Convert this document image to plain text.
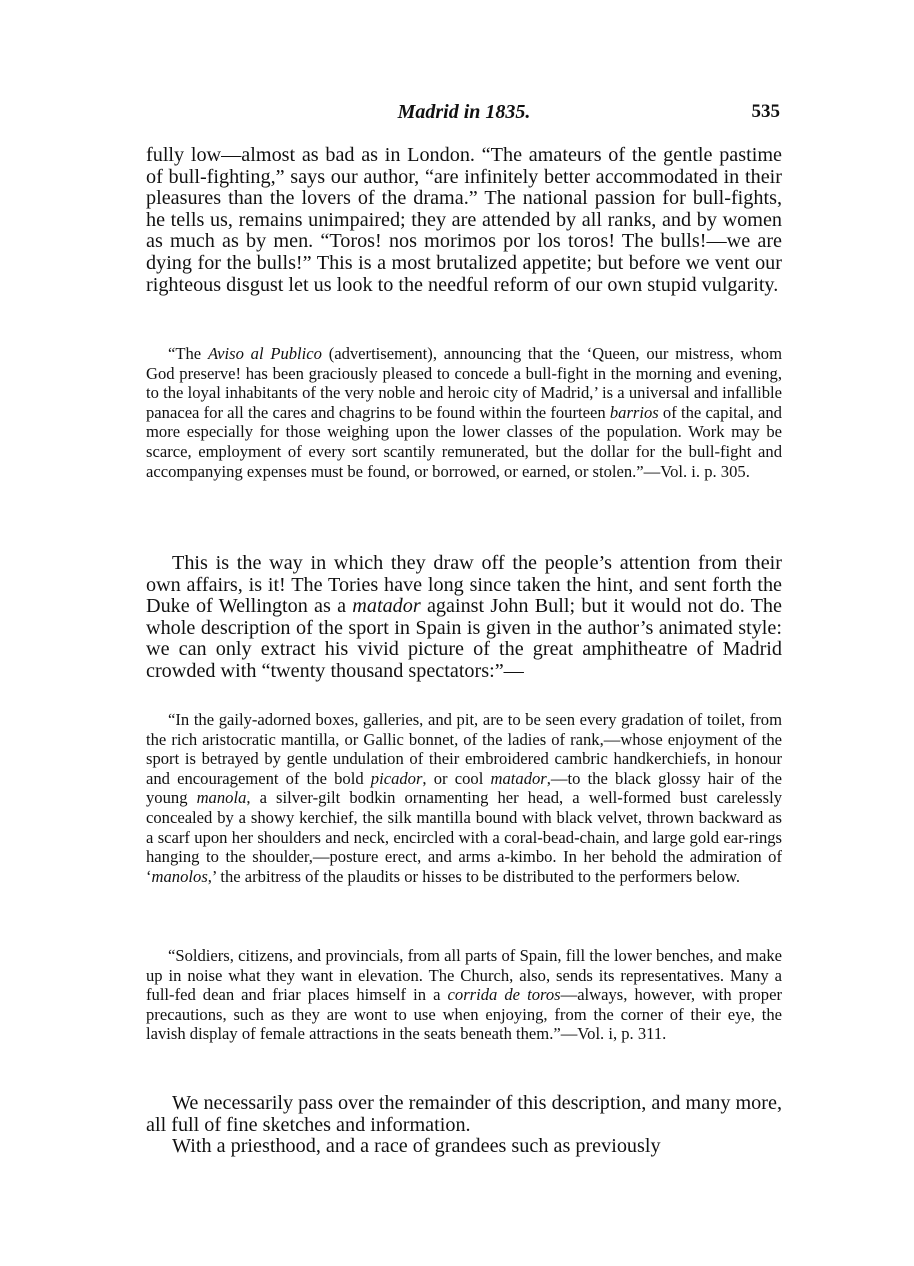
Madrid in 1835.	535

fully low—almost as bad as in London. “The amateurs of the gentle pastime of bull-fighting,” says our author, “are infinitely better accommodated in their pleasures than the lovers of the drama.” The national passion for bull-fights, he tells us, remains unimpaired; they are attended by all ranks, and by women as much as by men. “Toros! nos morimos por los toros! The bulls!—we are dying for the bulls!” This is a most brutalized appetite; but before we vent our righteous disgust let us look to the needful reform of our own stupid vulgarity.

“The Aviso al Publico (advertisement), announcing that the ‘Queen, our mistress, whom God preserve! has been graciously pleased to concede a bull-fight in the morning and evening, to the loyal inhabitants of the very noble and heroic city of Madrid,’ is a universal and infallible panacea for all the cares and chagrins to be found within the fourteen barrios of the capital, and more especially for those weighing upon the lower classes of the population. Work may be scarce, employment of every sort scantily remunerated, but the dollar for the bull-fight and accompanying expenses must be found, or borrowed, or earned, or stolen.”—Vol. i. p. 305.

This is the way in which they draw off the people’s attention from their own affairs, is it! The Tories have long since taken the hint, and sent forth the Duke of Wellington as a matador against John Bull; but it would not do. The whole description of the sport in Spain is given in the author’s animated style: we can only extract his vivid picture of the great amphitheatre of Madrid crowded with “twenty thousand spectators:”—

“In the gaily-adorned boxes, galleries, and pit, are to be seen every gradation of toilet, from the rich aristocratic mantilla, or Gallic bonnet, of the ladies of rank,—whose enjoyment of the sport is betrayed by gentle undulation of their embroidered cambric handkerchiefs, in honour and encouragement of the bold picador, or cool matador,—to the black glossy hair of the young manola, a silver-gilt bodkin ornamenting her head, a well-formed bust carelessly concealed by a showy kerchief, the silk mantilla bound with black velvet, thrown backward as a scarf upon her shoulders and neck, encircled with a coral-bead-chain, and large gold ear-rings hanging to the shoulder,—posture erect, and arms a-kimbo. In her behold the admiration of ‘manolos,’ the arbitress of the plaudits or hisses to be distributed to the performers below.

“Soldiers, citizens, and provincials, from all parts of Spain, fill the lower benches, and make up in noise what they want in elevation. The Church, also, sends its representatives. Many a full-fed dean and friar places himself in a corrida de toros—always, however, with proper precautions, such as they are wont to use when enjoying, from the corner of their eye, the lavish display of female attractions in the seats beneath them.”—Vol. i, p. 311.

We necessarily pass over the remainder of this description, and many more, all full of fine sketches and information.

With a priesthood, and a race of grandees such as previously
